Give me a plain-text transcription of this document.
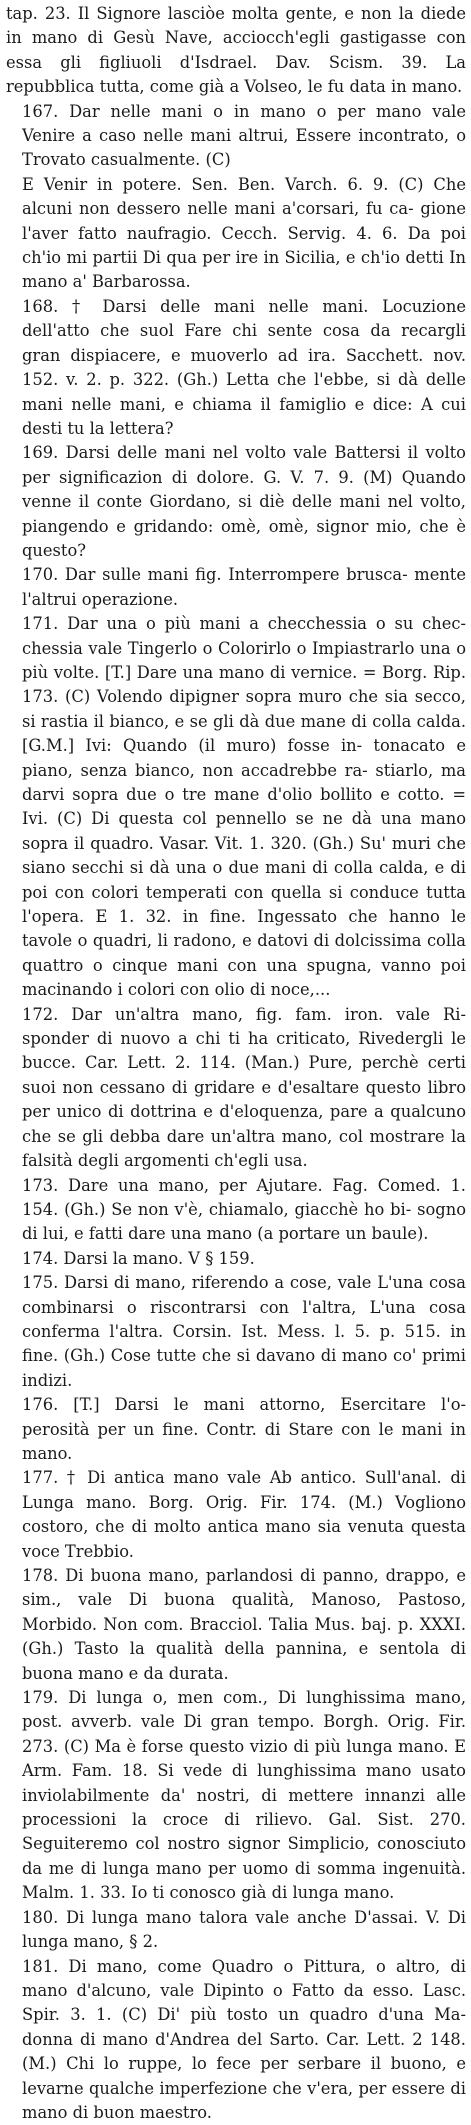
tap. 23. Il Signore lasciòe molta gente, e non la diede in mano di Gesù Nave, acciocch'egli gastigasse con essa gli figliuoli d'Isdrael. Dav. Scism. 39. La repubblica tutta, come già a Volseo, le fu data in mano.

167. Dar nelle mani o in mano o per mano vale Venire a caso nelle mani altrui, Essere incontrato, o Trovato casualmente. (C)

E Venir in potere. Sen. Ben. Varch. 6. 9. (C) Che alcuni non dessero nelle mani a'corsari, fu ca- gione l'aver fatto naufragio. Cecch. Servig. 4. 6. Da poi ch'io mi partii Di qua per ire in Sicilia, e ch'io detti In mano a' Barbarossa.

168. † Darsi delle mani nelle mani. Locuzione dell'atto che suol Fare chi sente cosa da recargli gran dispiacere, e muoverlo ad ira. Sacchett. nov. 152. v. 2. p. 322. (Gh.) Letta che l'ebbe, si dà delle mani nelle mani, e chiama il famiglio e dice: A cui desti tu la lettera?

169. Darsi delle mani nel volto vale Battersi il volto per significazion di dolore. G. V. 7. 9. (M) Quando venne il conte Giordano, si diè delle mani nel volto, piangendo e gridando: omè, omè, signor mio, che è questo?

170. Dar sulle mani fig. Interrompere brusca- mente l'altrui operazione.

171. Dar una o più mani a checchessia o su chec- chessia vale Tingerlo o Colorirlo o Impiastrarlo una o più volte. [T.] Dare una mano di vernice. = Borg. Rip. 173. (C) Volendo dipigner sopra muro che sia secco, si rastia il bianco, e se gli dà due mane di colla calda. [G.M.] Ivi: Quando (il muro) fosse in- tonacato e piano, senza bianco, non accadrebbe ra- stiarlo, ma darvi sopra due o tre mane d'olio bollito e cotto. = Ivi. (C) Di questa col pennello se ne dà una mano sopra il quadro. Vasar. Vit. 1. 320. (Gh.) Su' muri che siano secchi si dà una o due mani di colla calda, e di poi con colori temperati con quella si conduce tutta l'opera. E 1. 32. in fine. Ingessato che hanno le tavole o quadri, li radono, e datovi di dolcissima colla quattro o cinque mani con una spugna, vanno poi macinando i colori con olio di noce,...

172. Dar un'altra mano, fig. fam. iron. vale Ri- sponder di nuovo a chi ti ha criticato, Rivedergli le bucce. Car. Lett. 2. 114. (Man.) Pure, perchè certi suoi non cessano di gridare e d'esaltare questo libro per unico di dottrina e d'eloquenza, pare a qualcuno che se gli debba dare un'altra mano, col mostrare la falsità degli argomenti ch'egli usa.

173. Dare una mano, per Ajutare. Fag. Comed. 1. 154. (Gh.) Se non v'è, chiamalo, giacchè ho bi- sogno di lui, e fatti dare una mano (a portare un baule).

174. Darsi la mano. V § 159.

175. Darsi di mano, riferendo a cose, vale L'una cosa combinarsi o riscontrarsi con l'altra, L'una cosa conferma l'altra. Corsin. Ist. Mess. l. 5. p. 515. in fine. (Gh.) Cose tutte che si davano di mano co' primi indizi.

176. [T.] Darsi le mani attorno, Esercitare l'o- perosità per un fine. Contr. di Stare con le mani in mano.

177. † Di antica mano vale Ab antico. Sull'anal. di Lunga mano. Borg. Orig. Fir. 174. (M.) Vogliono costoro, che di molto antica mano sia venuta questa voce Trebbio.

178. Di buona mano, parlandosi di panno, drappo, e sim., vale Di buona qualità, Manoso, Pastoso, Morbido. Non com. Bracciol. Talia Mus. baj. p. XXXI. (Gh.) Tasto la qualità della pannina, e sentola di buona mano e da durata.

179. Di lunga o, men com., Di lunghissima mano, post. avverb. vale Di gran tempo. Borgh. Orig. Fir. 273. (C) Ma è forse questo vizio di più lunga mano. E Arm. Fam. 18. Si vede di lunghissima mano usato inviolabilmente da' nostri, di mettere innanzi alle processioni la croce di rilievo. Gal. Sist. 270. Seguiteremo col nostro signor Simplicio, conosciuto da me di lunga mano per uomo di somma ingenuità. Malm. 1. 33. Io ti conosco già di lunga mano.

180. Di lunga mano talora vale anche D'assai. V. Di lunga mano, § 2.

181. Di mano, come Quadro o Pittura, o altro, di mano d'alcuno, vale Dipinto o Fatto da esso. Lasc. Spir. 3. 1. (C) Di' più tosto un quadro d'una Ma- donna di mano d'Andrea del Sarto. Car. Lett. 2 148. (M.) Chi lo ruppe, lo fece per serbare il buono, e levarne qualche imperfezione che v'era, per essere di mano di buon maestro.
